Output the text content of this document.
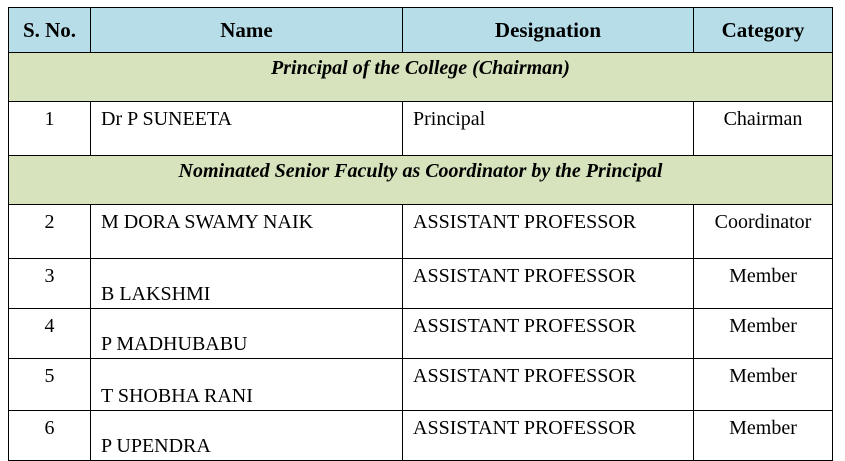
S. No.	Name	Designation	Category
Principal of the College (Chairman)			
1	Dr P SUNEETA	Principal	Chairman
Nominated Senior Faculty as Coordinator by the Principal			
2	M DORA SWAMY NAIK	ASSISTANT PROFESSOR	Coordinator
3	B LAKSHMI	ASSISTANT PROFESSOR	Member
4	P MADHUBABU	ASSISTANT PROFESSOR	Member
5	T SHOBHA RANI	ASSISTANT PROFESSOR	Member
6	P UPENDRA	ASSISTANT PROFESSOR	Member
